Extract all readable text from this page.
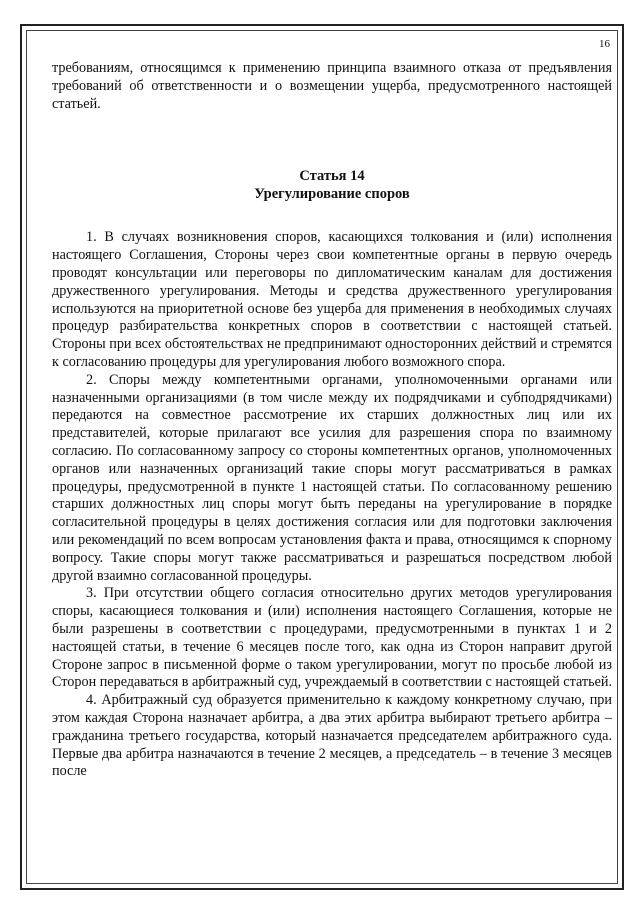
16

требованиям, относящимся к применению принципа взаимного отказа от предъявления требований об ответственности и о возмещении ущерба, предусмотренного настоящей статьей.

Статья 14
Урегулирование споров

1. В случаях возникновения споров, касающихся толкования и (или) исполнения настоящего Соглашения, Стороны через свои компетентные органы в первую очередь проводят консультации или переговоры по дипломатическим каналам для достижения дружественного урегулирования. Методы и средства дружественного урегулирования используются на приоритетной основе без ущерба для применения в необходимых случаях процедур разбирательства конкретных споров в соответствии с настоящей статьей. Стороны при всех обстоятельствах не предпринимают односторонних действий и стремятся к согласованию процедуры для урегулирования любого возможного спора.

2. Споры между компетентными органами, уполномоченными органами или назначенными организациями (в том числе между их подрядчиками и субподрядчиками) передаются на совместное рассмотрение их старших должностных лиц или их представителей, которые прилагают все усилия для разрешения спора по взаимному согласию. По согласованному запросу со стороны компетентных органов, уполномоченных органов или назначенных организаций такие споры могут рассматриваться в рамках процедуры, предусмотренной в пункте 1 настоящей статьи. По согласованному решению старших должностных лиц споры могут быть переданы на урегулирование в порядке согласительной процедуры в целях достижения согласия или для подготовки заключения или рекомендаций по всем вопросам установления факта и права, относящимся к спорному вопросу. Такие споры могут также рассматриваться и разрешаться посредством любой другой взаимно согласованной процедуры.

3. При отсутствии общего согласия относительно других методов урегулирования споры, касающиеся толкования и (или) исполнения настоящего Соглашения, которые не были разрешены в соответствии с процедурами, предусмотренными в пунктах 1 и 2 настоящей статьи, в течение 6 месяцев после того, как одна из Сторон направит другой Стороне запрос в письменной форме о таком урегулировании, могут по просьбе любой из Сторон передаваться в арбитражный суд, учреждаемый в соответствии с настоящей статьей.

4. Арбитражный суд образуется применительно к каждому конкретному случаю, при этом каждая Сторона назначает арбитра, а два этих арбитра выбирают третьего арбитра – гражданина третьего государства, который назначается председателем арбитражного суда. Первые два арбитра назначаются в течение 2 месяцев, а председатель – в течение 3 месяцев после
